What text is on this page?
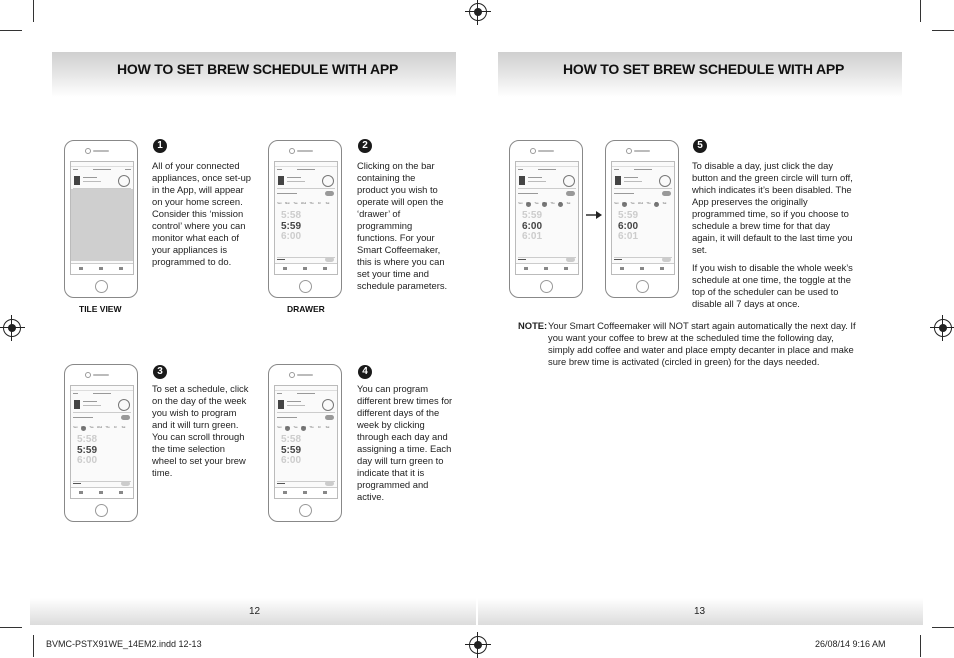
HOW TO SET BREW SCHEDULE WITH APP
1
All of your connected appliances, once set-up in the App, will appear on your home screen. Consider this ‘mission control’ where you can monitor what each of your appliances is programmed to do.
TILE VIEW
Sun Mon Tue Wed Thu	Fri	Sat
5:58
5:59
6:00
2
Clicking on the bar containing the product you wish to operate will open the ‘drawer’ of programming functions. For your Smart Coffeemaker, this is where you can set your time and schedule parameters.
DRAWER
Sun Mon Tue Wed Thu	Fri	Sat
5:58
5:59
6:00
3
To set a schedule, click on the day of the week you wish to program and it will turn green. You can scroll through the time selection wheel to set your brew time.
Sun Mon Tue Wed Thu	Fri	Sat
5:58
5:59
6:00
4
You can program different brew times for different days of the week by clicking through each day and assigning a time. Each day will turn green to indicate that it is programmed and active.
12
HOW TO SET BREW SCHEDULE WITH APP
Sun Mon Tue Wed Thu	Fri	Sat
5:59
6:00
6:01
Sun Mon Tue Wed Thu	Fri	Sat
5:59
6:00
6:01
5

To disable a day, just click the day button and the green circle will turn off, which indicates it’s been disabled. The App preserves the originally programmed time, so if you choose to schedule a brew time for that day again, it will default to the last time you set.

If you wish to disable the whole week’s schedule at one time, the toggle at the top of the scheduler can be used to disable all 7 days at once.

NOTE: Your Smart Coffeemaker will NOT start again automatically the next day. If you want your coffee to brew at the scheduled time the following day, simply add coffee and water and place empty decanter in place and make sure brew time is activated (circled in green) for the days needed.
13
BVMC-PSTX91WE_14EM2.indd 12-13	26/08/14 9:16 AM
